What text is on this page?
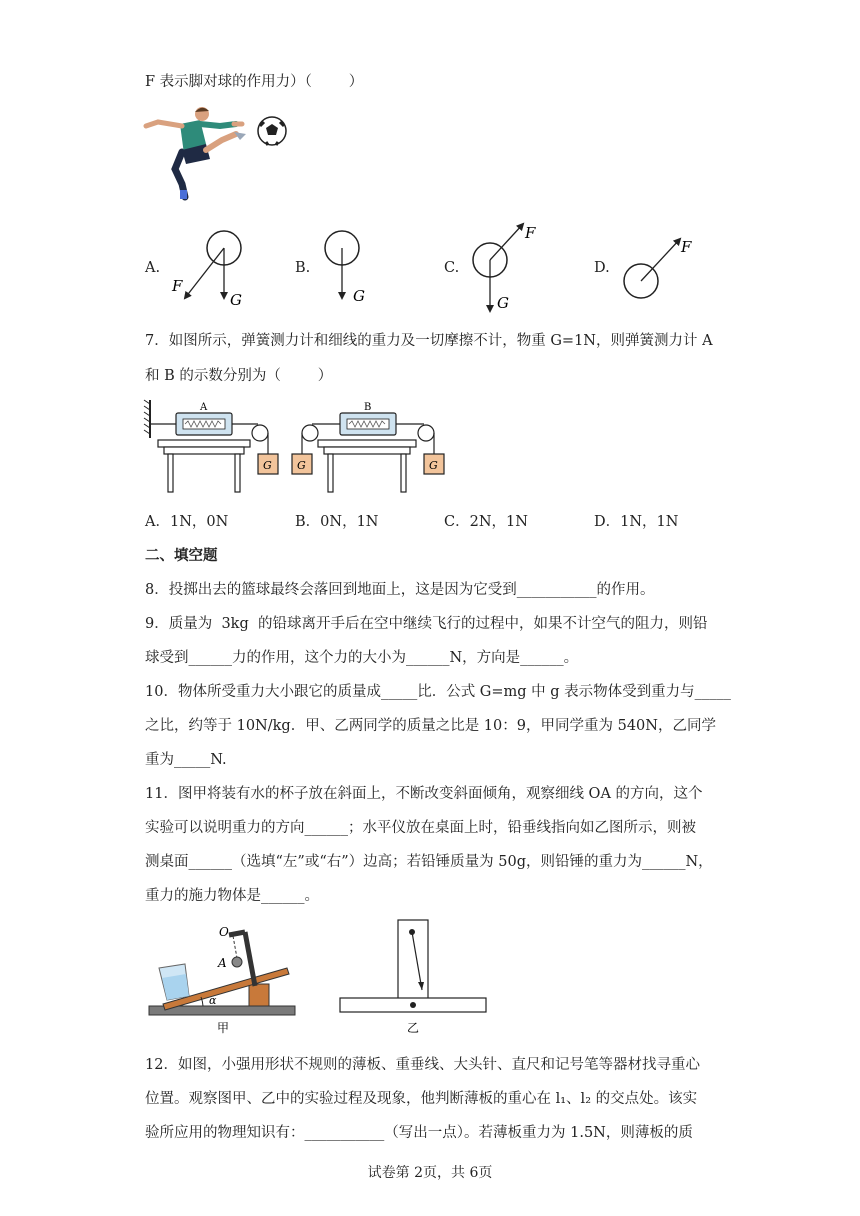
F 表示脚对球的作用力）（        ）
A.
F
G
B.
G
C.
F
G
D.
F
7．如图所示，弹簧测力计和细线的重力及一切摩擦不计，物重 G=1N，则弹簧测力计 A
和 B 的示数分别为（        ）
A
G G
B
G
A．1N，0N	B．0N，1N	C．2N，1N	D．1N，1N
二、填空题
8．投掷出去的篮球最终会落回到地面上，这是因为它受到___________的作用。
9．质量为  3kg  的铅球离开手后在空中继续飞行的过程中，如果不计空气的阻力，则铅
球受到______力的作用，这个力的大小为______N，方向是______。
10．物体所受重力大小跟它的质量成_____比．公式 G=mg 中 g 表示物体受到重力与_____
之比，约等于 10N/kg．甲、乙两同学的质量之比是 10：9，甲同学重为 540N，乙同学
重为_____N.
11．图甲将装有水的杯子放在斜面上，不断改变斜面倾角，观察细线 OA 的方向，这个
实验可以说明重力的方向______；水平仪放在桌面上时，铅垂线指向如乙图所示，则被
测桌面______（选填“左”或“右”）边高；若铅锤质量为 50g，则铅锤的重力为______N，
重力的施力物体是______。
α
O
A
甲	乙
12．如图，小强用形状不规则的薄板、重垂线、大头针、直尺和记号笔等器材找寻重心
位置。观察图甲、乙中的实验过程及现象，他判断薄板的重心在 l₁、l₂ 的交点处。该实
验所应用的物理知识有：___________（写出一点）。若薄板重力为 1.5N，则薄板的质
试卷第 2页，共 6页
